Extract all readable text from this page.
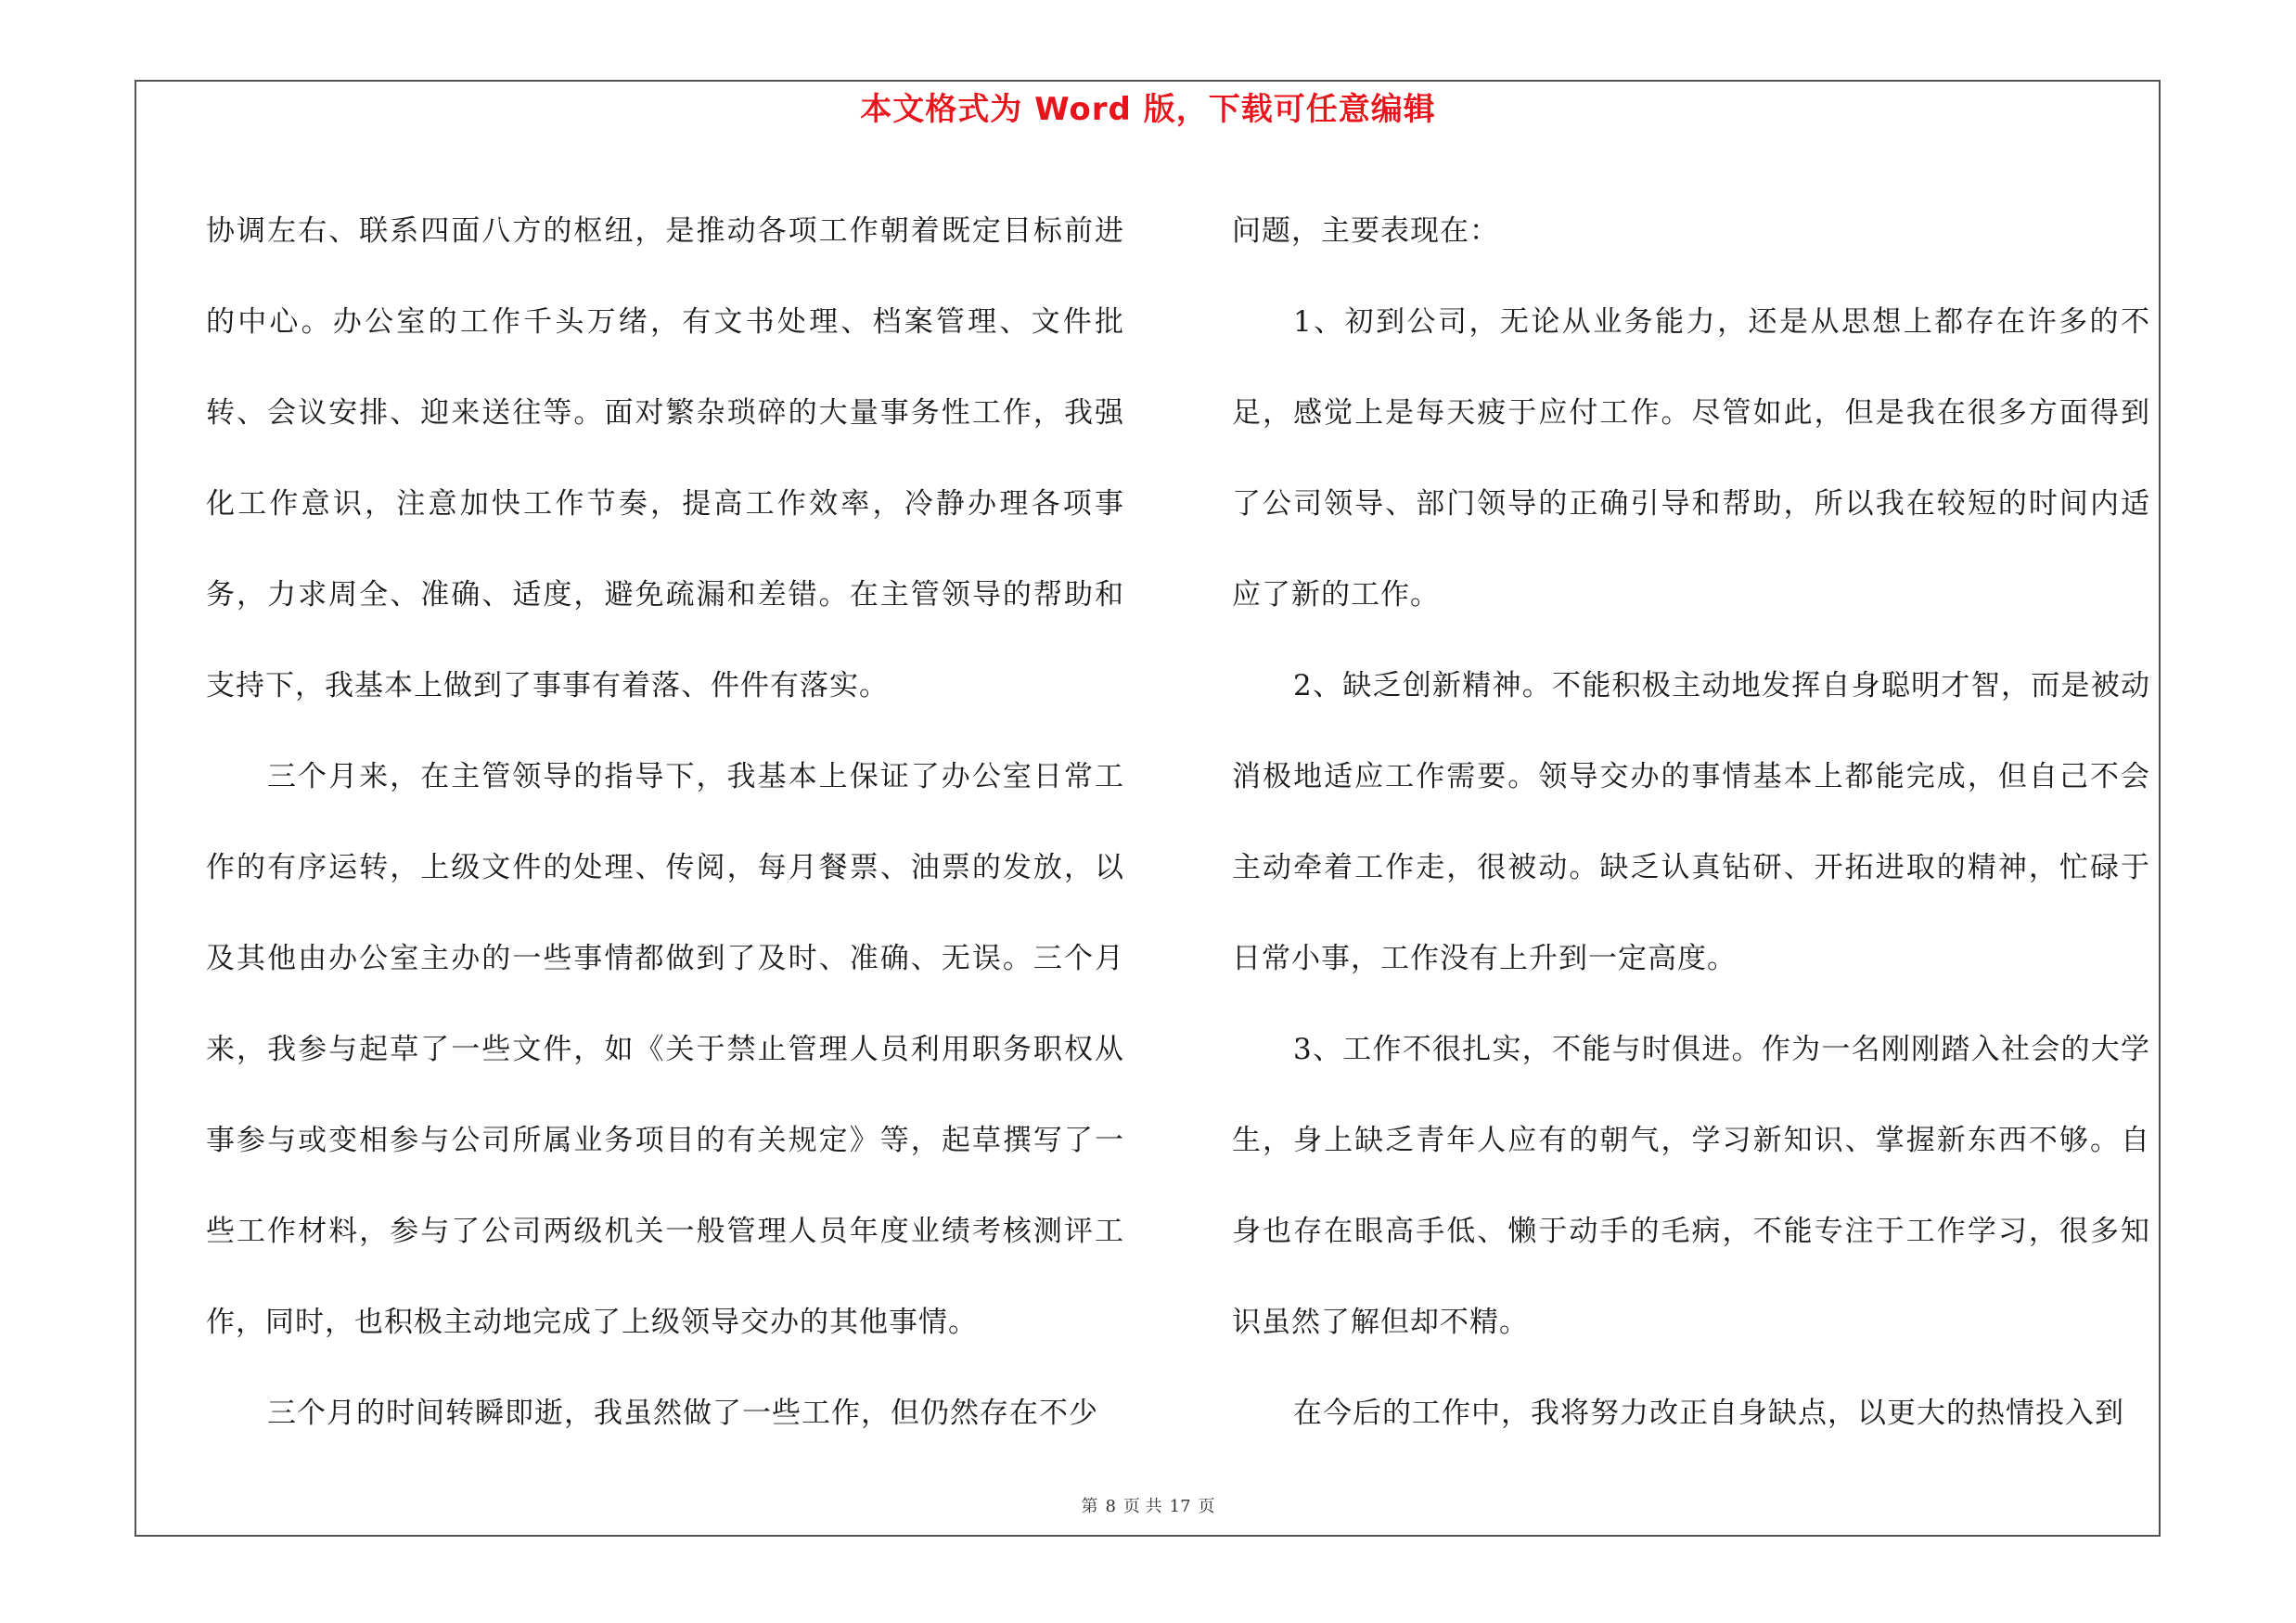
本文格式为 Word 版，下载可任意编辑

协调左右、联系四面八方的枢纽，是推动各项工作朝着既定目标前进的中心。办公室的工作千头万绪，有文书处理、档案管理、文件批转、会议安排、迎来送往等。面对繁杂琐碎的大量事务性工作，我强化工作意识，注意加快工作节奏，提高工作效率，冷静办理各项事务，力求周全、准确、适度，避免疏漏和差错。在主管领导的帮助和支持下，我基本上做到了事事有着落、件件有落实。

三个月来，在主管领导的指导下，我基本上保证了办公室日常工作的有序运转，上级文件的处理、传阅，每月餐票、油票的发放，以及其他由办公室主办的一些事情都做到了及时、准确、无误。三个月来，我参与起草了一些文件，如《关于禁止管理人员利用职务职权从事参与或变相参与公司所属业务项目的有关规定》等，起草撰写了一些工作材料，参与了公司两级机关一般管理人员年度业绩考核测评工作，同时，也积极主动地完成了上级领导交办的其他事情。

三个月的时间转瞬即逝，我虽然做了一些工作，但仍然存在不少

问题，主要表现在：

1、初到公司，无论从业务能力，还是从思想上都存在许多的不足，感觉上是每天疲于应付工作。尽管如此，但是我在很多方面得到了公司领导、部门领导的正确引导和帮助，所以我在较短的时间内适应了新的工作。

2、缺乏创新精神。不能积极主动地发挥自身聪明才智，而是被动消极地适应工作需要。领导交办的事情基本上都能完成，但自己不会主动牵着工作走，很被动。缺乏认真钻研、开拓进取的精神，忙碌于日常小事，工作没有上升到一定高度。

3、工作不很扎实，不能与时俱进。作为一名刚刚踏入社会的大学生，身上缺乏青年人应有的朝气，学习新知识、掌握新东西不够。自身也存在眼高手低、懒于动手的毛病，不能专注于工作学习，很多知识虽然了解但却不精。

在今后的工作中，我将努力改正自身缺点，以更大的热情投入到

第 8 页 共 17 页
